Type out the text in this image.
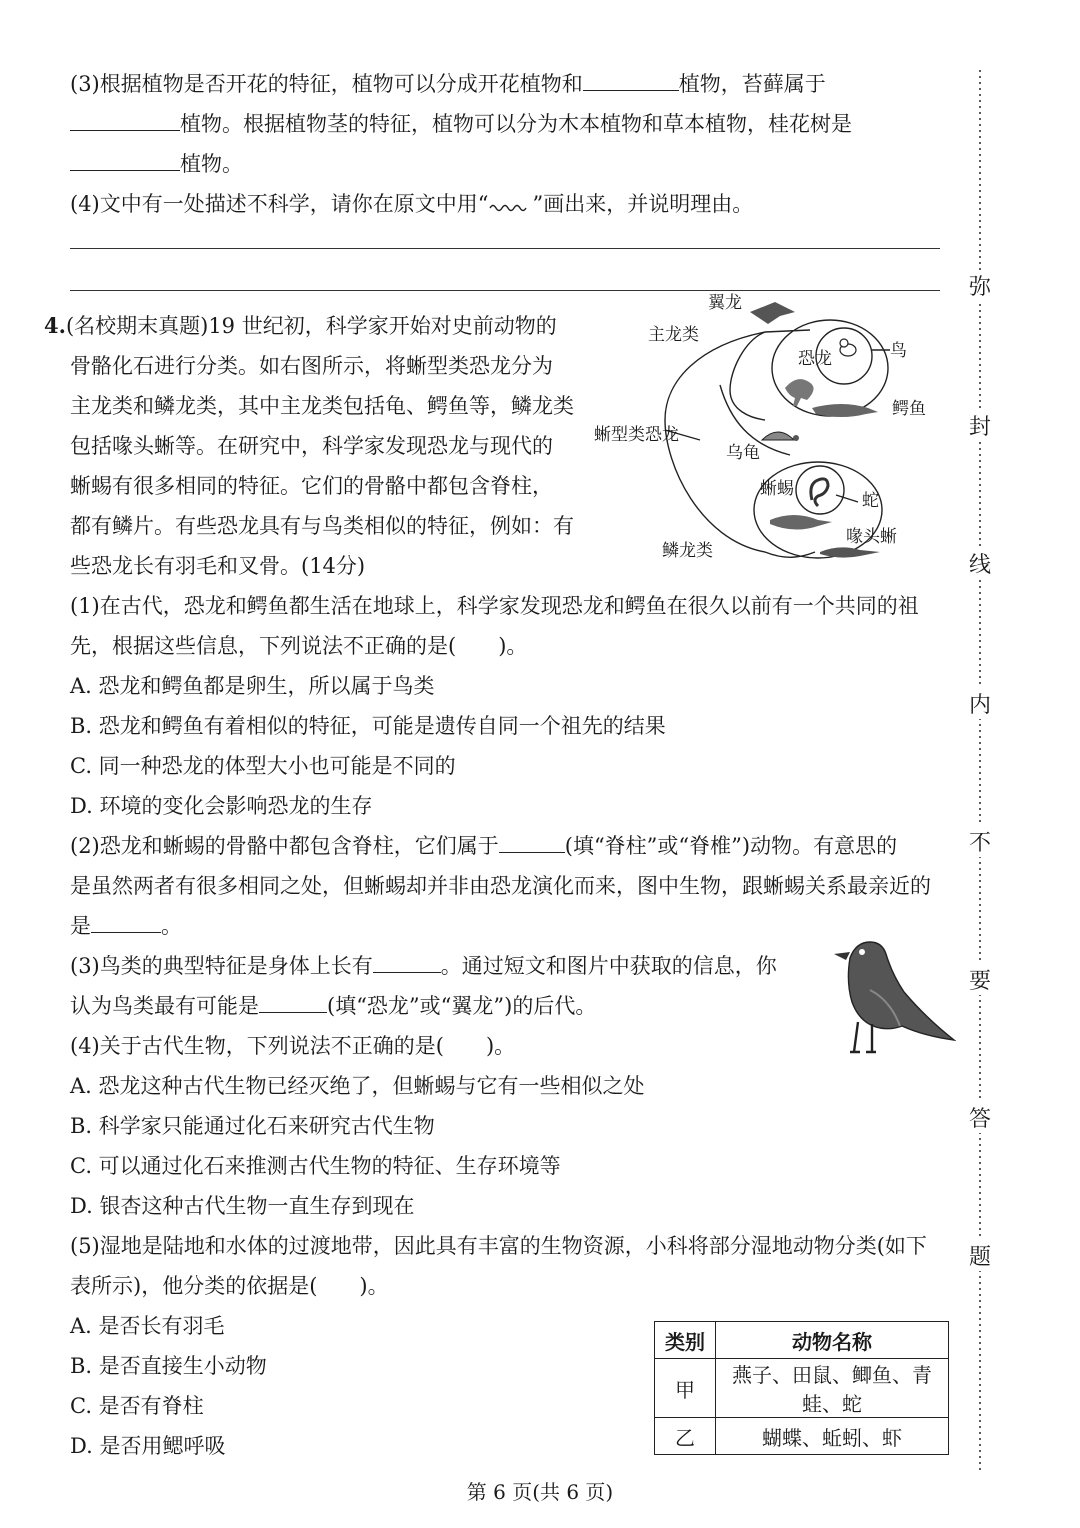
(3)根据植物是否开花的特征，植物可以分成开花植物和	植物，苔藓属于
植物。根据植物茎的特征，植物可以分为木本植物和草本植物，桂花树是
植物。
(4)文中有一处描述不科学，请你在原文中用“ ”画出来，并说明理由。
4.(名校期末真题)19 世纪初，科学家开始对史前动物的
骨骼化石进行分类。如右图所示，将蜥型类恐龙分为
主龙类和鳞龙类，其中主龙类包括龟、鳄鱼等，鳞龙类
包括喙头蜥等。在研究中，科学家发现恐龙与现代的
蜥蜴有很多相同的特征。它们的骨骼中都包含脊柱，
都有鳞片。有些恐龙具有与鸟类相似的特征，例如：有
些恐龙长有羽毛和叉骨。(14分)
翼龙
主龙类
恐龙	鸟
鳄鱼
蜥型类恐龙
乌龟
蜥蜴
蛇
喙头蜥
鳞龙类
(1)在古代，恐龙和鳄鱼都生活在地球上，科学家发现恐龙和鳄鱼在很久以前有一个共同的祖
先，根据这些信息，下列说法不正确的是(　　)。
A. 恐龙和鳄鱼都是卵生，所以属于鸟类
B. 恐龙和鳄鱼有着相似的特征，可能是遗传自同一个祖先的结果
C. 同一种恐龙的体型大小也可能是不同的
D. 环境的变化会影响恐龙的生存
(2)恐龙和蜥蜴的骨骼中都包含脊柱，它们属于	(填“脊柱”或“脊椎”)动物。有意思的
是虽然两者有很多相同之处，但蜥蜴却并非由恐龙演化而来，图中生物，跟蜥蜴关系最亲近的
是	。
(3)鸟类的典型特征是身体上长有	。通过短文和图片中获取的信息，你
认为鸟类最有可能是	(填“恐龙”或“翼龙”)的后代。
(4)关于古代生物，下列说法不正确的是(　　)。
A. 恐龙这种古代生物已经灭绝了，但蜥蜴与它有一些相似之处
B. 科学家只能通过化石来研究古代生物
C. 可以通过化石来推测古代生物的特征、生存环境等
D. 银杏这种古代生物一直生存到现在
(5)湿地是陆地和水体的过渡地带，因此具有丰富的生物资源，小科将部分湿地动物分类(如下
表所示)，他分类的依据是(　　)。
A. 是否长有羽毛
B. 是否直接生小动物
C. 是否有脊柱
D. 是否用鳃呼吸
类别	动物名称
甲	燕子、田鼠、鲫鱼、青蛙、蛇
乙	蝴蝶、蚯蚓、虾
弥
封
线
内
不
要
答
题
第 6 页(共 6 页)
